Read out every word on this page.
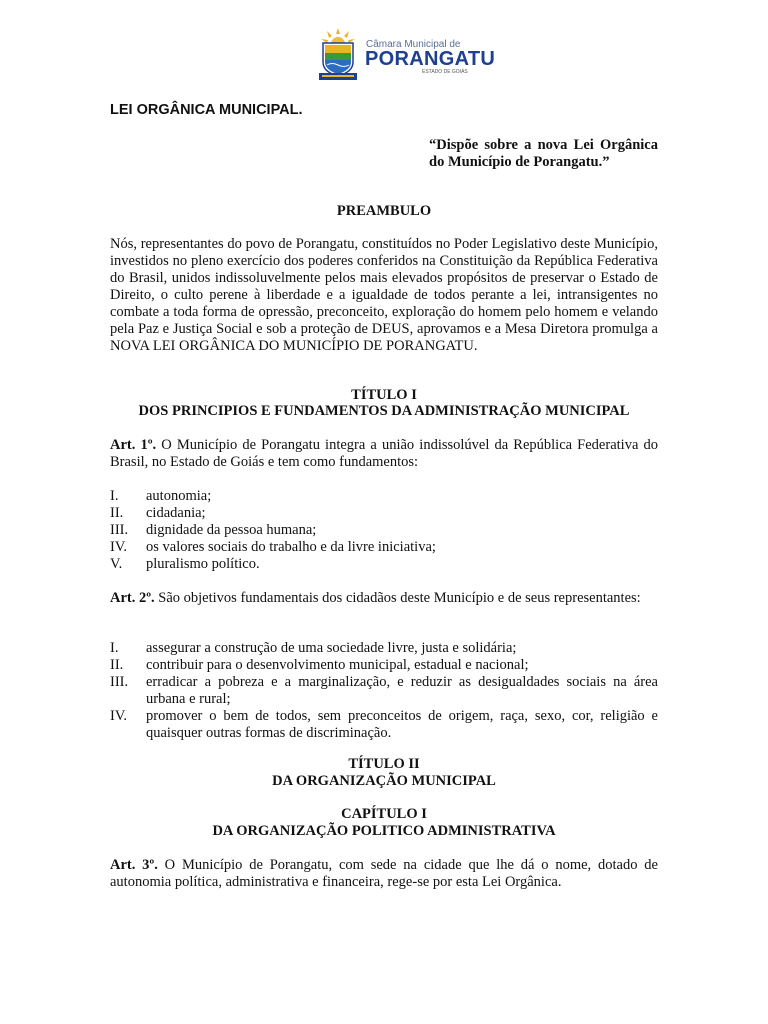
Câmara Municipal de
PORANGATU
ESTADO DE GOIÁS
LEI ORGÂNICA MUNICIPAL.
“Dispõe sobre a nova Lei Orgânica do Município de Porangatu.”
PREAMBULO
Nós, representantes do povo de Porangatu, constituídos no Poder Legislativo deste Município, investidos no pleno exercício dos poderes conferidos na Constituição da República Federativa do Brasil, unidos indissoluvelmente pelos mais elevados propósitos de preservar o Estado de Direito, o culto perene à liberdade e a igualdade de todos perante a lei, intransigentes no combate a toda forma de opressão, preconceito, exploração do homem pelo homem e velando pela Paz e Justiça Social e sob a proteção de DEUS, aprovamos e a Mesa Diretora promulga a NOVA LEI ORGÂNICA DO MUNICÍPIO DE PORANGATU.
TÍTULO I
DOS PRINCIPIOS E FUNDAMENTOS DA ADMINISTRAÇÃO MUNICIPAL
Art. 1º. O Município de Porangatu integra a união indissolúvel da República Federativa do Brasil, no Estado de Goiás e tem como fundamentos:
I.	autonomia;
II.	cidadania;
III.	dignidade da pessoa humana;
IV.	os valores sociais do trabalho e da livre iniciativa;
V.	pluralismo político.
Art. 2º. São objetivos fundamentais dos cidadãos deste Município e de seus representantes:
I.	assegurar a construção de uma sociedade livre, justa e solidária;
II.	contribuir para o desenvolvimento municipal, estadual e nacional;
III.	erradicar a pobreza e a marginalização, e reduzir as desigualdades sociais na área urbana e rural;
IV.	promover o bem de todos, sem preconceitos de origem, raça, sexo, cor, religião e quaisquer outras formas de discriminação.
TÍTULO II
DA ORGANIZAÇÃO MUNICIPAL
CAPÍTULO I
DA ORGANIZAÇÃO POLITICO ADMINISTRATIVA
Art. 3º. O Município de Porangatu, com sede na cidade que lhe dá o nome, dotado de autonomia política, administrativa e financeira, rege-se por esta Lei Orgânica.
